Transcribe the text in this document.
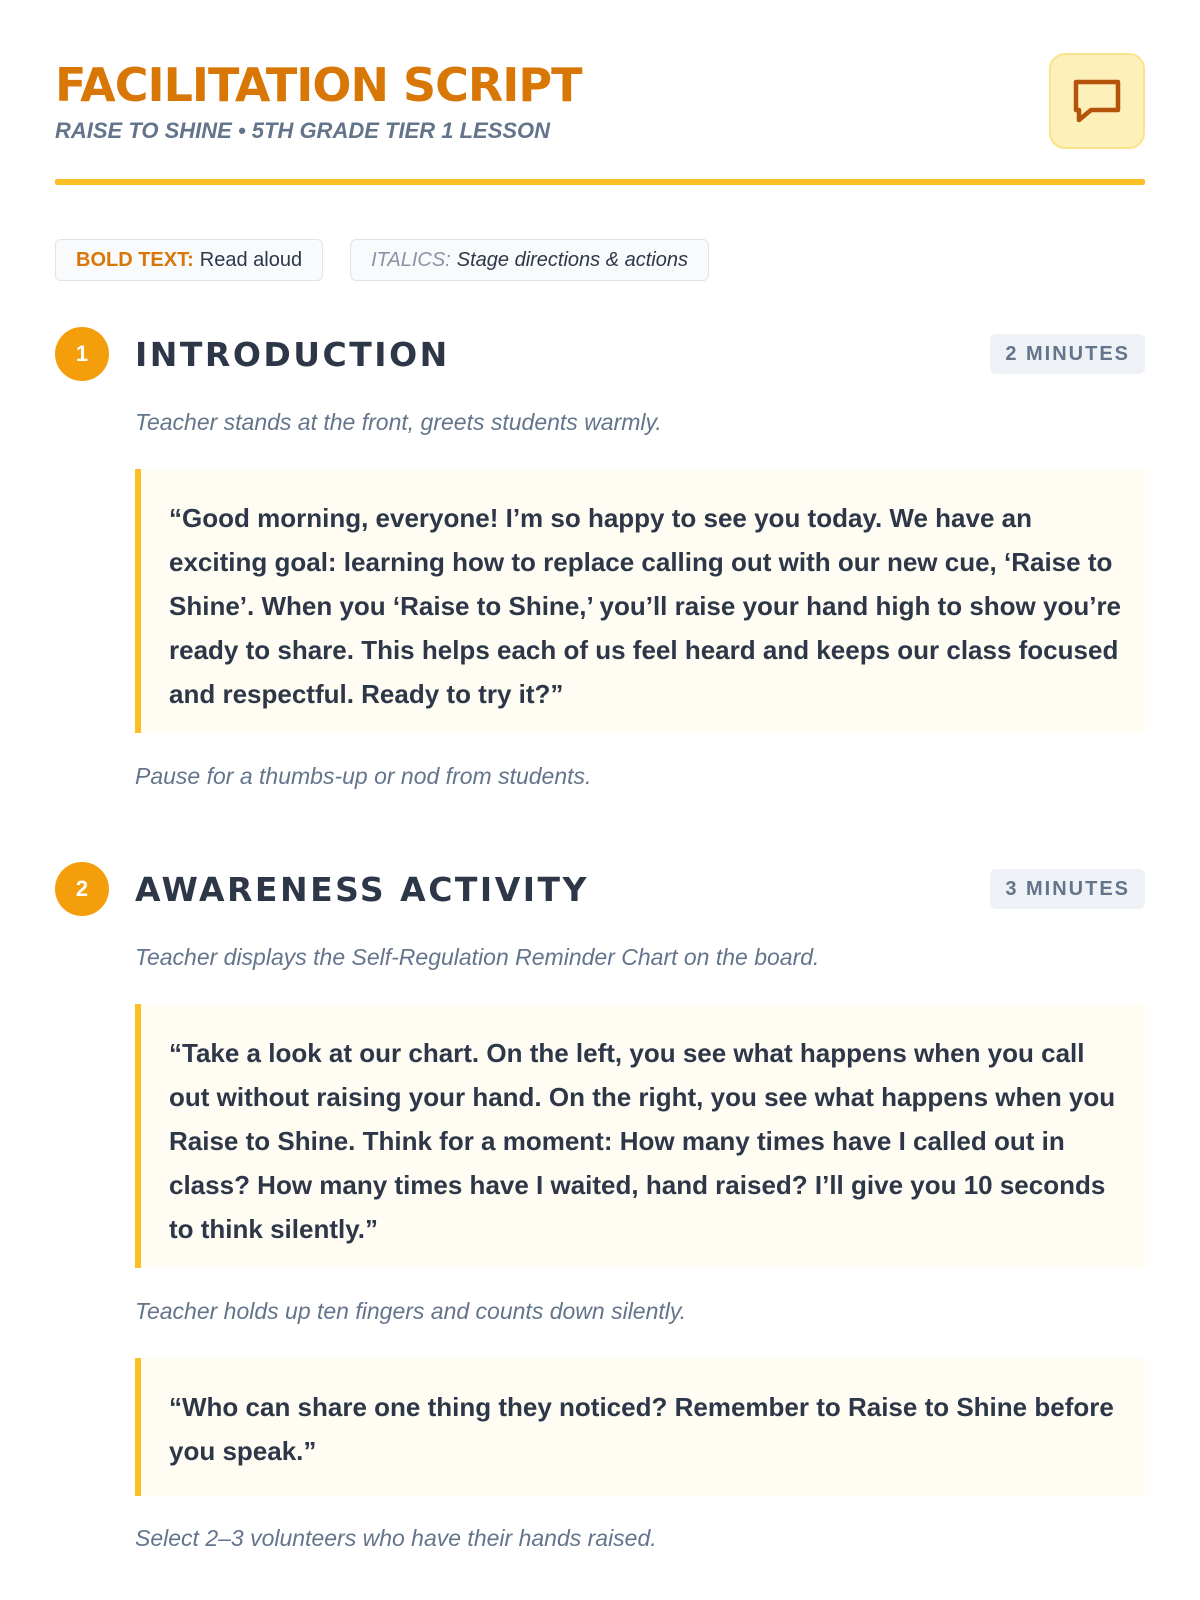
FACILITATION SCRIPT
RAISE TO SHINE • 5TH GRADE TIER 1 LESSON
BOLD TEXT: Read aloud	ITALICS: Stage directions & actions
1	INTRODUCTION	2 MINUTES
Teacher stands at the front, greets students warmly.
“Good morning, everyone! I’m so happy to see you today. We have an exciting goal: learning how to replace calling out with our new cue, ‘Raise to Shine’. When you ‘Raise to Shine,’ you’ll raise your hand high to show you’re ready to share. This helps each of us feel heard and keeps our class focused and respectful. Ready to try it?”
Pause for a thumbs-up or nod from students.
2	AWARENESS ACTIVITY	3 MINUTES
Teacher displays the Self-Regulation Reminder Chart on the board.
“Take a look at our chart. On the left, you see what happens when you call out without raising your hand. On the right, you see what happens when you Raise to Shine. Think for a moment: How many times have I called out in class? How many times have I waited, hand raised? I’ll give you 10 seconds to think silently.”
Teacher holds up ten fingers and counts down silently.
“Who can share one thing they noticed? Remember to Raise to Shine before you speak.”
Select 2–3 volunteers who have their hands raised.
